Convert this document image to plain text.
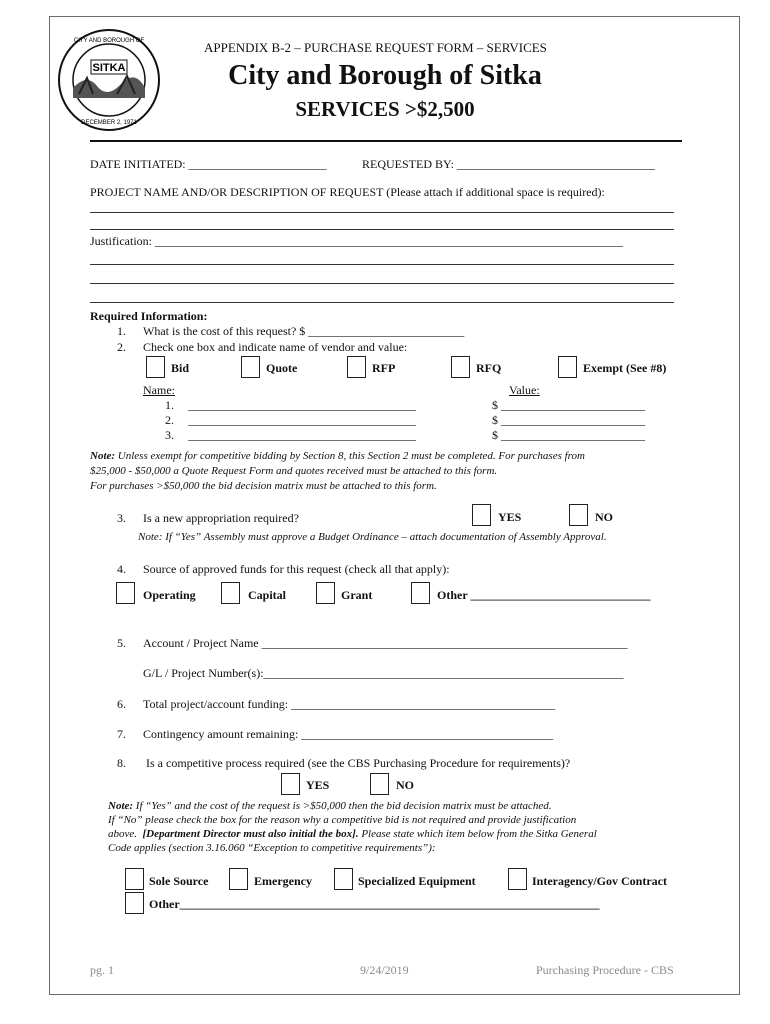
SITKA
CITY AND BOROUGH OF
DECEMBER 2, 1971
APPENDIX B-2 – PURCHASE REQUEST FORM – SERVICES
City and Borough of Sitka
SERVICES >$2,500
DATE INITIATED: _______________________	REQUESTED BY: _________________________________
PROJECT NAME AND/OR DESCRIPTION OF REQUEST (Please attach if additional space is required):
Justification: ______________________________________________________________________________
Required Information:
1. What is the cost of this request? $ __________________________
2. Check one box and indicate name of vendor and value:
Bid	Quote	RFP	RFQ	Exempt (See #8)
Name:	Value:
1. ______________________________________	$ ________________________
2. ______________________________________	$ ________________________
3. ______________________________________	$ ________________________
Note: Unless exempt for competitive bidding by Section 8, this Section 2 must be completed. For purchases from
$25,000 - $50,000 a Quote Request Form and quotes received must be attached to this form.
For purchases >$50,000 the bid decision matrix must be attached to this form.
3. Is a new appropriation required?	YES	NO
Note: If “Yes” Assembly must approve a Budget Ordinance – attach documentation of Assembly Approval.
4. Source of approved funds for this request (check all that apply):
Operating	Capital	Grant	Other ______________________________
5. Account / Project Name _____________________________________________________________
G/L / Project Number(s):____________________________________________________________
6. Total project/account funding: ____________________________________________
7. Contingency amount remaining: __________________________________________
8. Is a competitive process required (see the CBS Purchasing Procedure for requirements)?
YES	NO
Note: If “Yes” and the cost of the request is >$50,000 then the bid decision matrix must be attached.
If “No” please check the box for the reason why a competitive bid is not required and provide justification
above. [Department Director must also initial the box]. Please state which item below from the Sitka General
Code applies (section 3.16.060 “Exception to competitive requirements”):
Sole Source	Emergency	Specialized Equipment	Interagency/Gov Contract
Other______________________________________________________________________
pg. 1	9/24/2019	Purchasing Procedure - CBS
